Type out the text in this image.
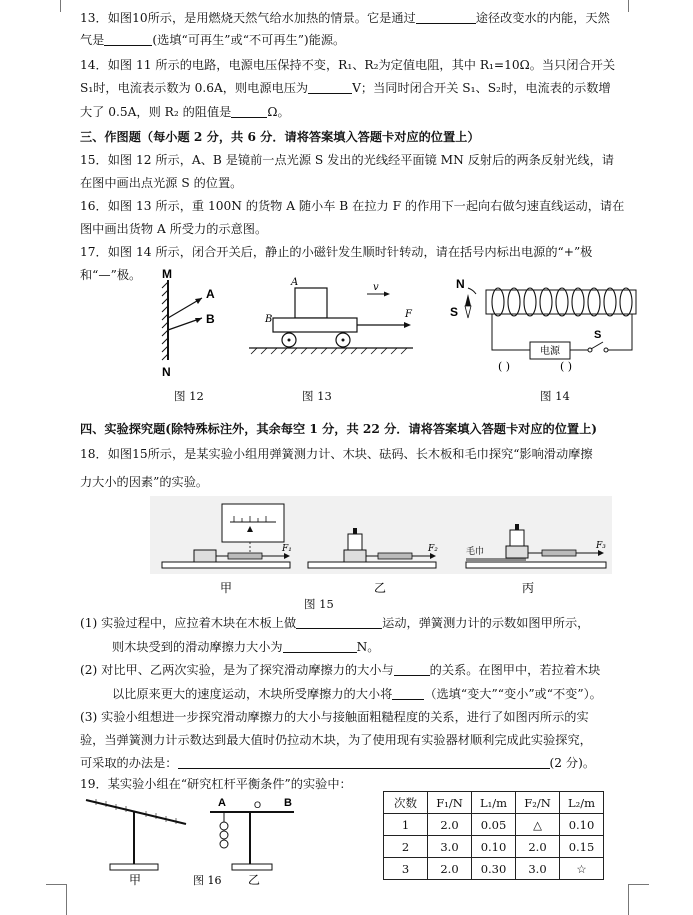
13．如图10所示，是用燃烧天然气给水加热的情景。它是通过	途径改变水的内能，天然
气是	(选填“可再生”或“不可再生”)能源。
14．如图 11 所示的电路，电源电压保持不变，R₁、R₂为定值电阻，其中 R₁=10Ω。当只闭合开关
S₁时，电流表示数为 0.6A，则电源电压为	V；当同时闭合开关 S₁、S₂时，电流表的示数增
大了 0.5A，则 R₂ 的阻值是	Ω。
三、作图题（每小题 2 分，共 6 分．请将答案填入答题卡对应的位置上）
15．如图 12 所示，A、B 是镜前一点光源 S 发出的光线经平面镜 MN 反射后的两条反射光线，请
在图中画出点光源 S 的位置。
16．如图 13 所示，重 100N 的货物 A 随小车 B 在拉力 F 的作用下一起向右做匀速直线运动，请在
图中画出货物 A 所受力的示意图。
17．如图 14 所示，闭合开关后，静止的小磁针发生顺时针转动，请在括号内标出电源的“+”极
和“—”极。 M
N
A
B
图 12
A
B	F
v
图 13
N
S
电源
S
( )	( )
图 14
四、实验探究题(除特殊标注外，其余每空 1 分，共 22 分．请将答案填入答题卡对应的位置上)
18．如图15所示，是某实验小组用弹簧测力计、木块、砝码、长木板和毛巾探究“影响滑动摩擦
力大小的因素”的实验。
F₁	F₂	毛巾
F₃
甲	乙	丙
图 15
(1) 实验过程中，应拉着木块在木板上做	运动，弹簧测力计的示数如图甲所示，
则木块受到的滑动摩擦力大小为	N。
(2) 对比甲、乙两次实验，是为了探究滑动摩擦力的大小与	的关系。在图甲中，若拉着木块
以比原来更大的速度运动，木块所受摩擦力的大小将	（选填“变大”“变小”或“不变”）。
(3) 实验小组想进一步探究滑动摩擦力的大小与接触面粗糙程度的关系，进行了如图丙所示的实
验，当弹簧测力计示数达到最大值时仍拉动木块，为了使用现有实验器材顺利完成此实验探究，
可采取的办法是：	(2 分)。
19．某实验小组在“研究杠杆平衡条件”的实验中：
甲
A	O B
图 16 乙
次数	F₁/N	L₁/m	F₂/N	L₂/m
1	2.0	0.05	△	0.10
2	3.0	0.10	2.0	0.15
3	2.0	0.30	3.0	☆
